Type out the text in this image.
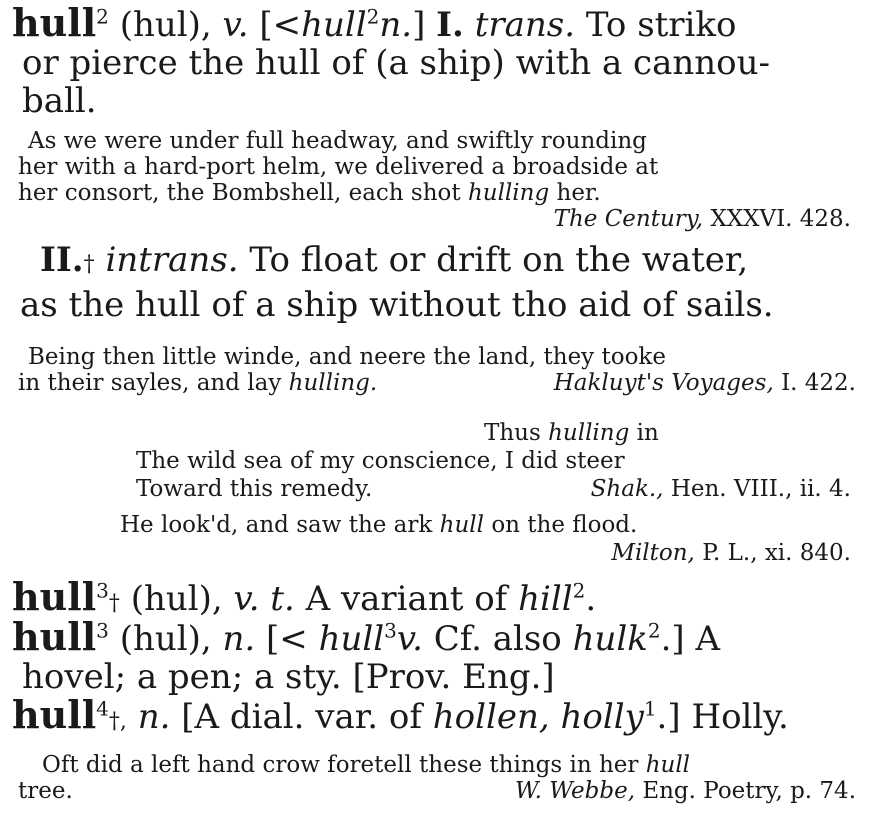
hull$^2$ (hul), v. [<hull$^2$n.] I. trans. To striko
or pierce the hull of (a ship) with a cannou-
ball.
As we were under full headway, and swiftly rounding
her with a hard-port helm, we delivered a broadside at
her consort, the Bombshell, each shot hulling her.
The Century, XXXVI. 428.
II.† intrans. To float or drift on the water,
as the hull of a ship without tho aid of sails.
Being then little winde, and neere the land, they tooke
in their sayles, and lay hulling.	Hakluyt's Voyages, I. 422.
Thus hulling in
The wild sea of my conscience, I did steer
Toward this remedy.	Shak., Hen. VIII., ii. 4.
He look'd, and saw the ark hull on the flood.
Milton, P. L., xi. 840.
hull$^3$† (hul), v. t. A variant of hill$^2$.
hull$^3$ (hul), n. [< hull$^3$v. Cf. also hulk$^2$.] A
hovel; a pen; a sty. [Prov. Eng.]
hull$^4$†, n. [A dial. var. of hollen, holly$^1$.] Holly.
Oft did a left hand crow foretell these things in her hull
tree.	W. Webbe, Eng. Poetry, p. 74.
